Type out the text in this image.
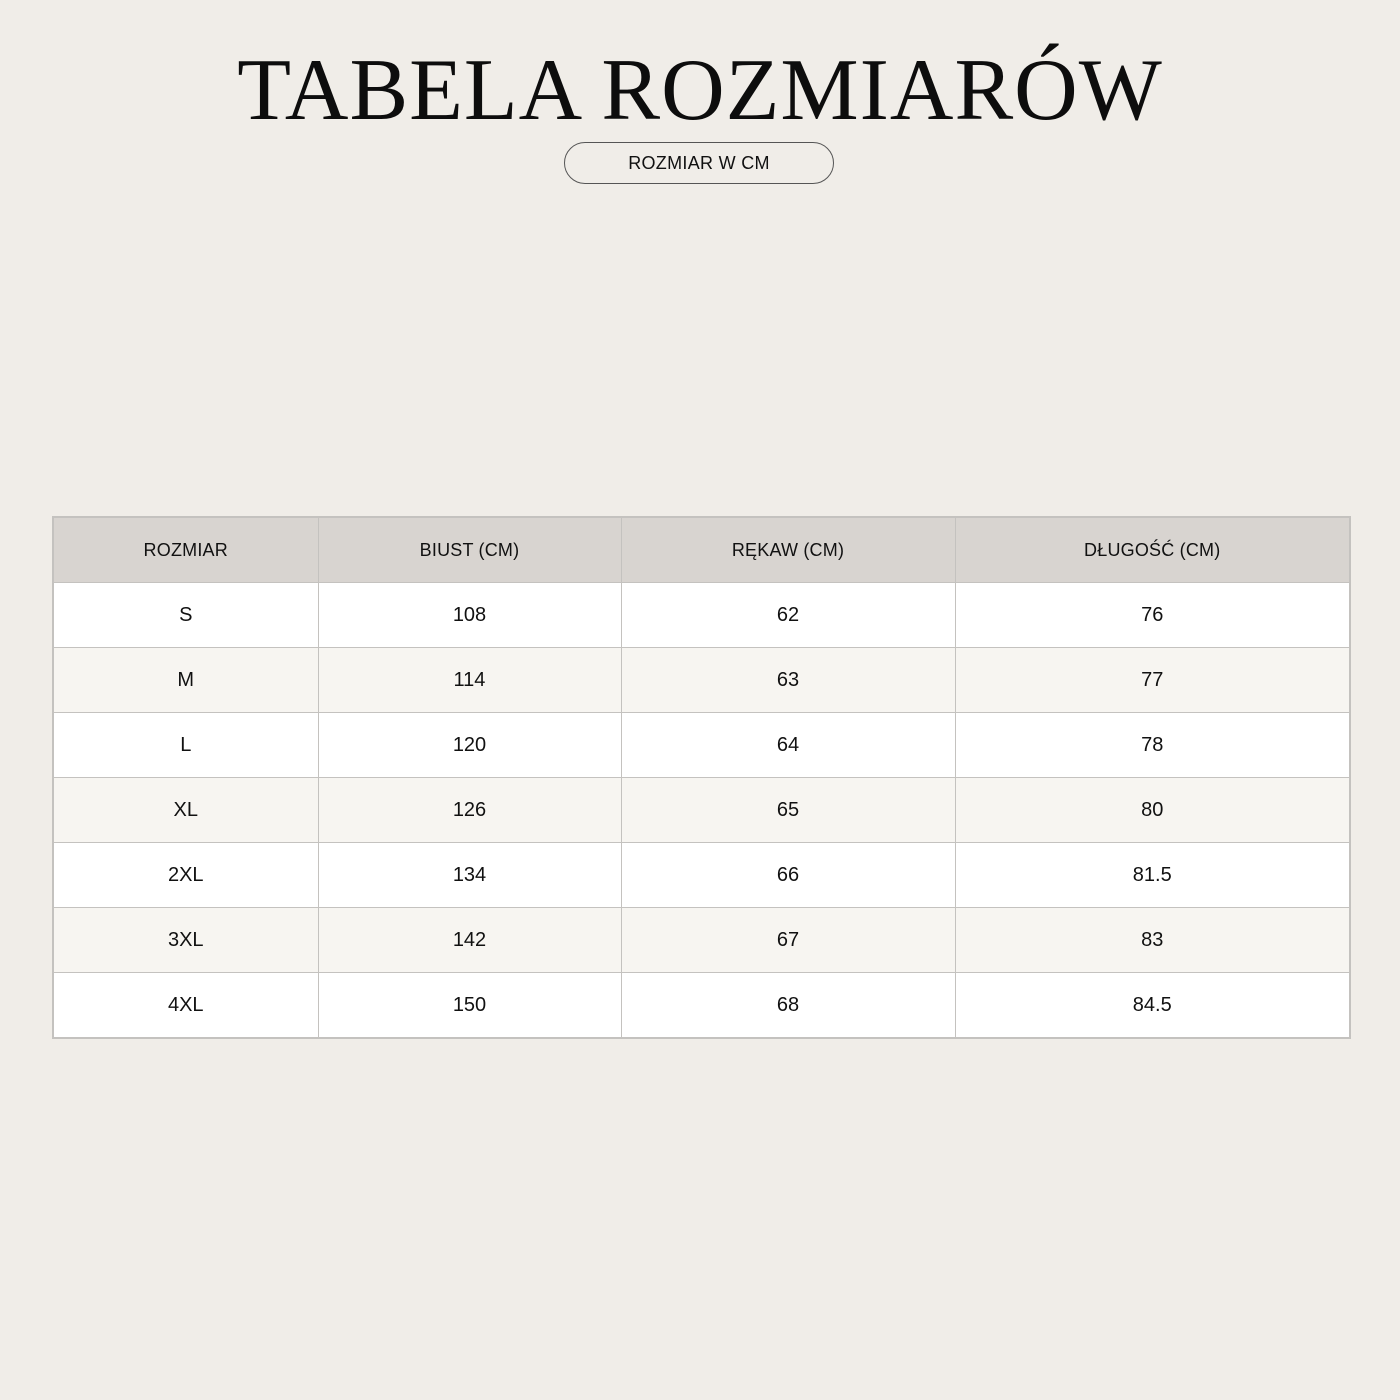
TABELA ROZMIARÓW
ROZMIAR W CM
ROZMIAR	BIUST (CM)	RĘKAW (CM)	DŁUGOŚĆ (CM)
S	108	62	76
M	114	63	77
L	120	64	78
XL	126	65	80
2XL	134	66	81.5
3XL	142	67	83
4XL	150	68	84.5
